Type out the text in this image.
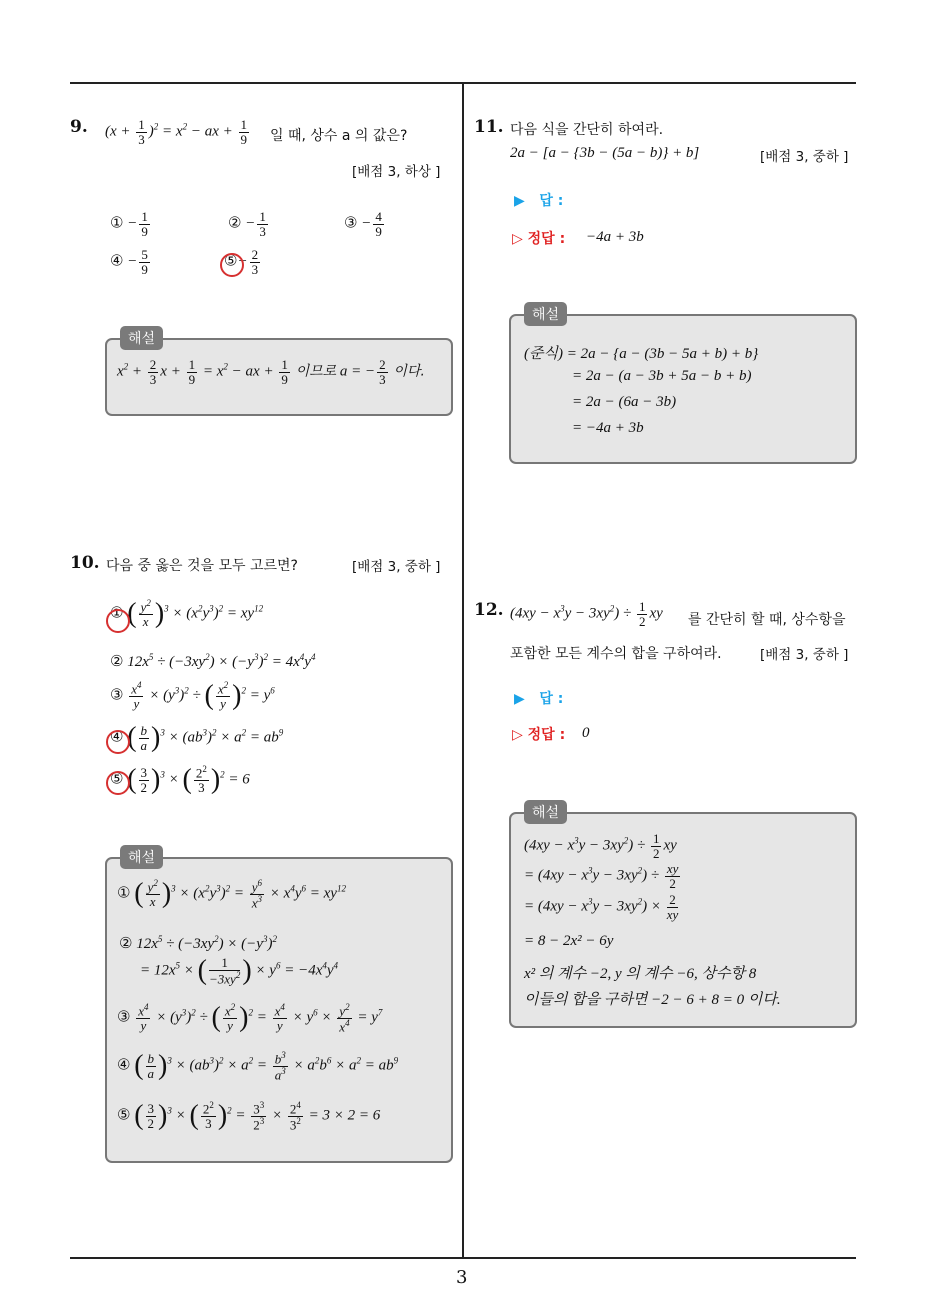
3
9. $(x + \frac{1}{3} )^2 = x^2$ − ax + $\frac{1}{9}$ 일 때, 상수 a 의 값은?
[배점 3, 하상 ]
① − $\frac{1}{9}$	② − $\frac{1}{3}$	③ − $\frac{4}{9}$
④ − $\frac{5}{9}$	⑤− $\frac{2}{3}$
해설
$x^2 + \frac{2}{3}$ $x + \frac{1}{9} = x^2$ − ax + $\frac{1}{9}$ 이므로 a = − $\frac{2}{3}$ 이다.
10. 다음 중 옳은 것을 모두 고르면?	[배점 3, 중하 ]
① ( $\frac{y^2}{x} )^3 \times (x^2y^3)^2 = xy^{12}$
② $12x^5 \div (-3xy^2) \times (-y^3)^2 = 4x^4y^4$
③ $\frac{x^4}{y} \times (y^3)^2$ ÷ ( $\frac{x^2}{y} )^2 = y^6$
④ ( $\frac{b}{a} )^3 \times (ab^3)^2 \times a^2 = ab^9$
⑤ ( $\frac{3}{2} )^3$ × ( $\frac{2^2}{3} )^2 = 6$
해설
① ( $\frac{y^2}{x} )^3 \times (x^2y^3)^2 = \frac{y^6}{x^3} \times x^4y^6 = xy^{12}$
② $12x^5 \div (-3xy^2) \times (-y^3)^2$
= $12x^5$ × ( $\frac{1}{-3xy^2}$ ) × $y^6 = -4x^4y^4$
③ $\frac{x^4}{y} \times (y^3)^2$ ÷ ( $\frac{x^2}{y} )^2 = \frac{x^4}{y} \times y^6 \times \frac{y^2}{x^4} = y^7$
④ ( $\frac{b}{a} )^3 \times (ab^3)^2 \times a^2 = \frac{b^3}{a^3} \times a^2b^6 \times a^2 = ab^9$
⑤ ( $\frac{3}{2} )^3$ × ( $\frac{2^2}{3} )^2 = \frac{3^3}{2^3} \times \frac{2^4}{3^2} = 3 \times 2 = 6$
11. 다음 식을 간단히 하여라.
2a − [a − {3b − (5a − b)} + b]	[배점 3, 중하 ]
▶ 답 :
▷ 정답 : −4a + 3b
해설
(준식) = 2a − {a − (3b − 5a + b) + b}
= 2a − (a − 3b + 5a − b + b)
= 2a − (6a − 3b)
= −4a + 3b
12. $(4xy - x^3y - 3xy^2) \div \frac{1}{2}$ xy 를 간단히 할 때, 상수항을
포함한 모든 계수의 합을 구하여라.	[배점 3, 중하 ]
▶ 답 :
▷ 정답 : 0
해설
$(4xy - x^3y - 3xy^2) \div \frac{1}{2}$ xy
= $(4xy - x^3y - 3xy^2) \div \frac{xy}{2}$
= $(4xy - x^3y - 3xy^2) \times \frac{2}{xy}$
= 8 − 2x² − 6y
x² 의 계수 −2, y 의 계수 −6, 상수항 8
이들의 합을 구하면 −2 − 6 + 8 = 0 이다.
